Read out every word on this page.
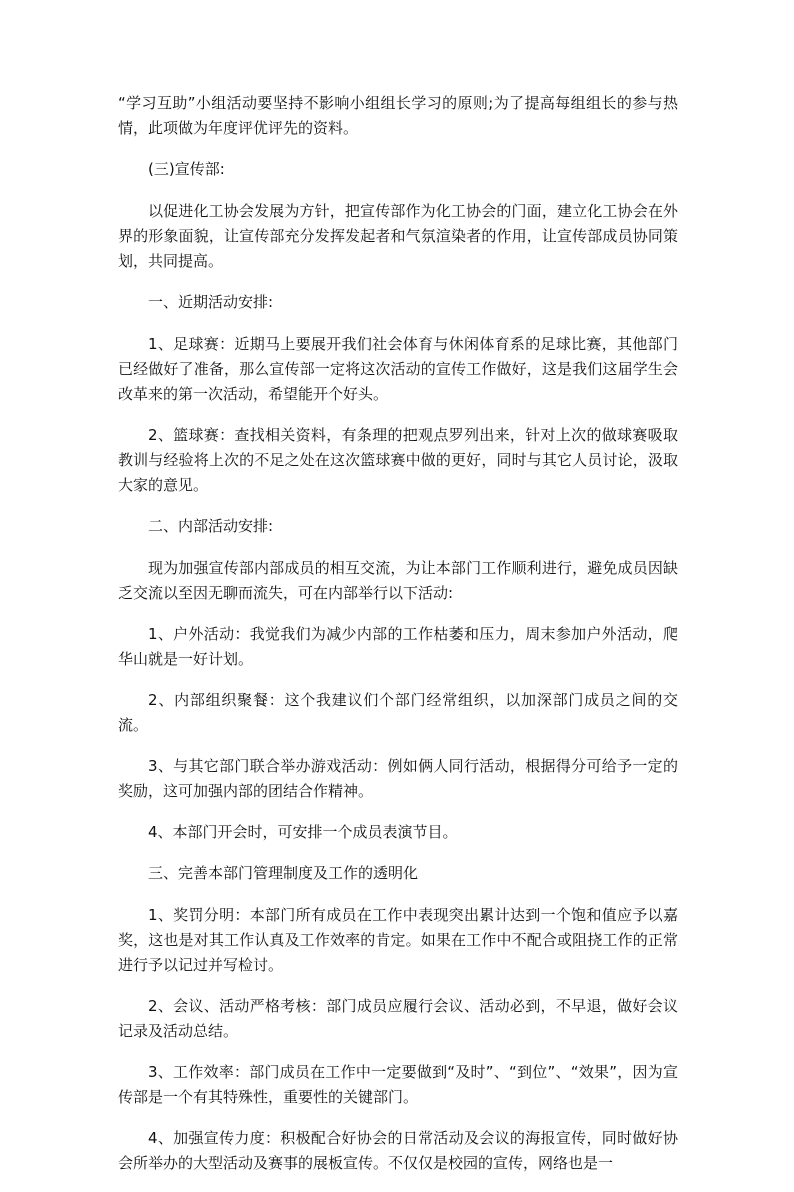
“学习互助”小组活动要坚持不影响小组组长学习的原则;为了提高每组组长的参与热情，此项做为年度评优评先的资料。

(三)宣传部:

以促进化工协会发展为方针，把宣传部作为化工协会的门面，建立化工协会在外界的形象面貌，让宣传部充分发挥发起者和气氛渲染者的作用，让宣传部成员协同策划，共同提高。

一、近期活动安排:

1、足球赛：近期马上要展开我们社会体育与休闲体育系的足球比赛，其他部门已经做好了准备，那么宣传部一定将这次活动的宣传工作做好，这是我们这届学生会改革来的第一次活动，希望能开个好头。

2、篮球赛：查找相关资料，有条理的把观点罗列出来，针对上次的做球赛吸取教训与经验将上次的不足之处在这次篮球赛中做的更好，同时与其它人员讨论，汲取大家的意见。

二、内部活动安排:

现为加强宣传部内部成员的相互交流，为让本部门工作顺利进行，避免成员因缺乏交流以至因无聊而流失，可在内部举行以下活动:

1、户外活动：我觉我们为减少内部的工作枯萎和压力，周末参加户外活动，爬华山就是一好计划。

2、内部组织聚餐：这个我建议们个部门经常组织，以加深部门成员之间的交流。

3、与其它部门联合举办游戏活动：例如俩人同行活动，根据得分可给予一定的奖励，这可加强内部的团结合作精神。

4、本部门开会时，可安排一个成员表演节目。

三、完善本部门管理制度及工作的透明化

1、奖罚分明：本部门所有成员在工作中表现突出累计达到一个饱和值应予以嘉奖，这也是对其工作认真及工作效率的肯定。如果在工作中不配合或阻挠工作的正常进行予以记过并写检讨。

2、会议、活动严格考核：部门成员应履行会议、活动必到，不早退，做好会议记录及活动总结。

3、工作效率：部门成员在工作中一定要做到“及时”、“到位”、“效果”，因为宣传部是一个有其特殊性，重要性的关键部门。

4、加强宣传力度：积极配合好协会的日常活动及会议的海报宣传，同时做好协会所举办的大型活动及赛事的展板宣传。不仅仅是校园的宣传，网络也是一
